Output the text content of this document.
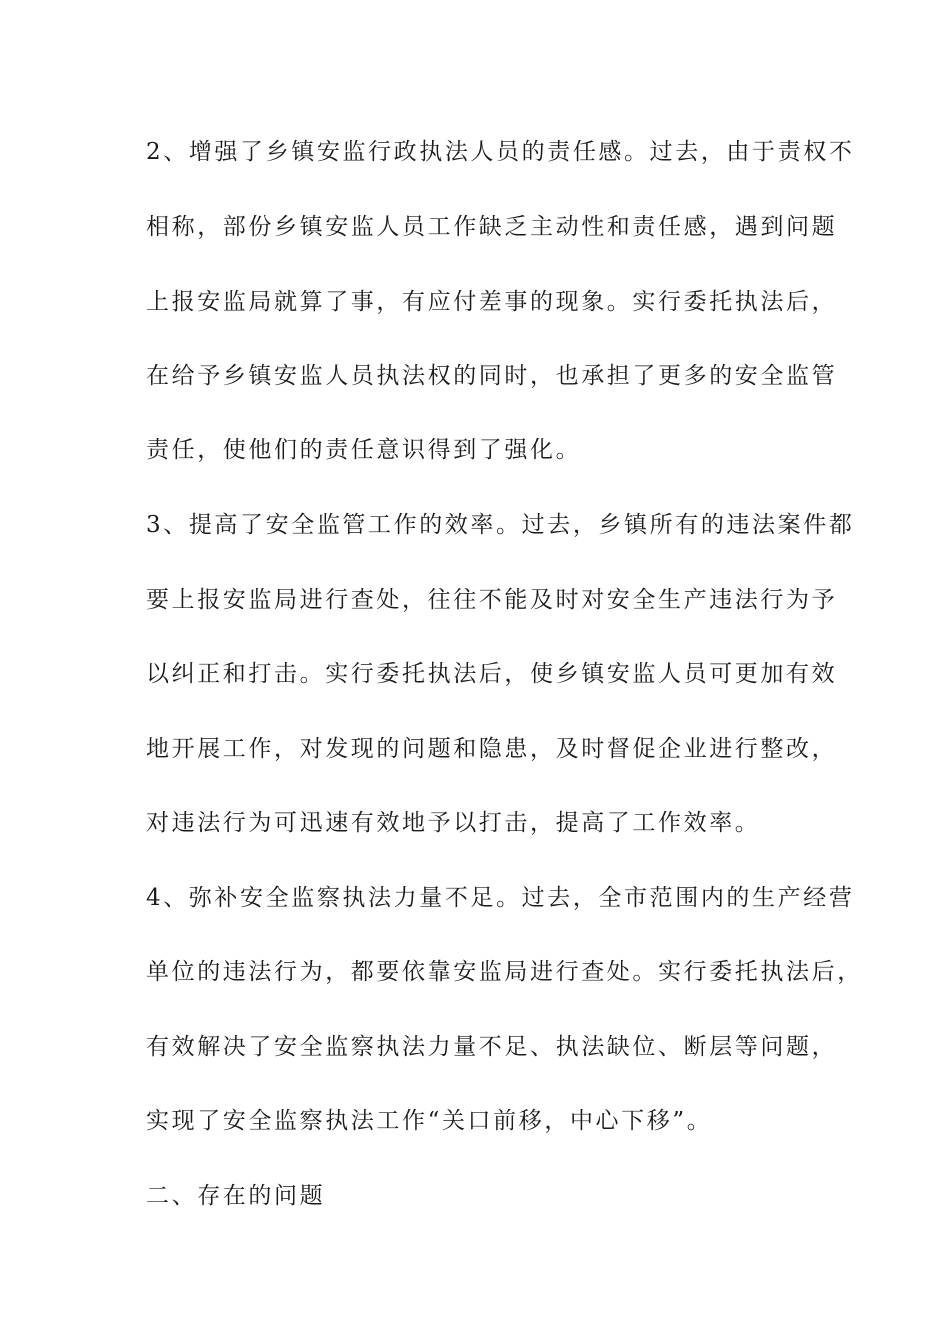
2、增强了乡镇安监行政执法人员的责任感。过去，由于责权不
相称，部份乡镇安监人员工作缺乏主动性和责任感，遇到问题
上报安监局就算了事，有应付差事的现象。实行委托执法后，
在给予乡镇安监人员执法权的同时，也承担了更多的安全监管
责任，使他们的责任意识得到了强化。
3、提高了安全监管工作的效率。过去，乡镇所有的违法案件都
要上报安监局进行查处，往往不能及时对安全生产违法行为予
以纠正和打击。实行委托执法后，使乡镇安监人员可更加有效
地开展工作，对发现的问题和隐患，及时督促企业进行整改，
对违法行为可迅速有效地予以打击，提高了工作效率。
4、弥补安全监察执法力量不足。过去，全市范围内的生产经营
单位的违法行为，都要依靠安监局进行查处。实行委托执法后，
有效解决了安全监察执法力量不足、执法缺位、断层等问题，
实现了安全监察执法工作“关口前移，中心下移”。
二、存在的问题
